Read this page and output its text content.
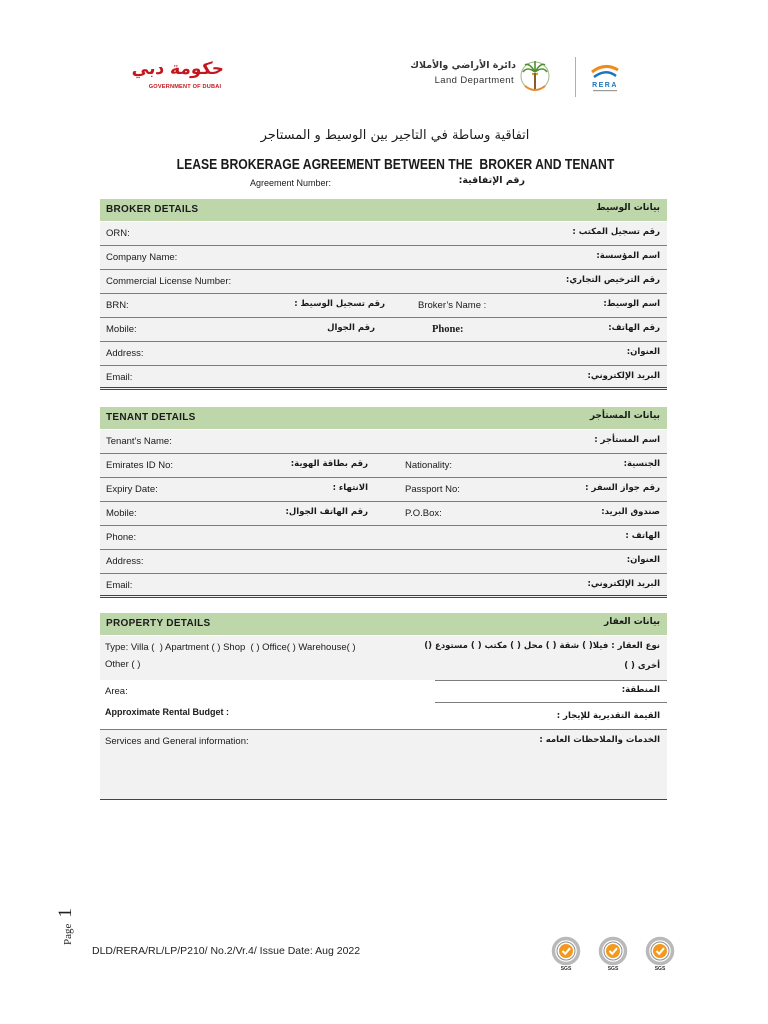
حكومة دبي
GOVERNMENT OF DUBAI
دائرة الأراضي والأملاك
Land Department	RERA
اتفاقية وساطة في التاجير بين الوسيط و المستاجر
LEASE BROKERAGE AGREEMENT BETWEEN THE  BROKER AND TENANT
Agreement Number:	رقم الإتفاقية:
BROKER DETAILS	بيانات الوسيط
ORN:	رقم تسجيل المكتب :
Company Name:	اسم المؤسسة:
Commercial License Number:	رقم الترخيص التجاري:
BRN:	رقم تسجيل الوسيط :	Broker’s Name :	اسم الوسيط:
Mobile:	رقم الجوال	Phone:	رقم الهاتف:
Address:	العنوان:
Email:	البريد الإلكتروني:
TENANT DETAILS	بيانات المستأجر
Tenant’s Name:	اسم المستأجر :
Emirates ID No:	رقم بطاقة الهوية:	Nationality:	الجنسية:
Expiry Date:	الانتهاء :	Passport No:	رقم جواز السفر :
Mobile:	رقم الهاتف الجوال:	P.O.Box:	صندوق البريد:
Phone:	الهاتف :
Address:	العنوان:
Email:	البريد الإلكتروني:
PROPERTY DETAILS	بيانات العقار
Type: Villa (  ) Apartment ( ) Shop  ( ) Office( ) Warehouse( )
Other ( )
نوع العقار : فيلا( ) شقة ( ) محل ( ) مكتب ( ) مستودع ()
أخرى ( )
Area:	المنطقة:
Approximate Rental Budget :	القيمة التقديرية للإيجار :
Services and General information:	الخدمات والملاحظات العامه :
Page 1
DLD/RERA/RL/LP/P210/ No.2/Vr.4/ Issue Date: Aug 2022
SGS	SGS	SGS
